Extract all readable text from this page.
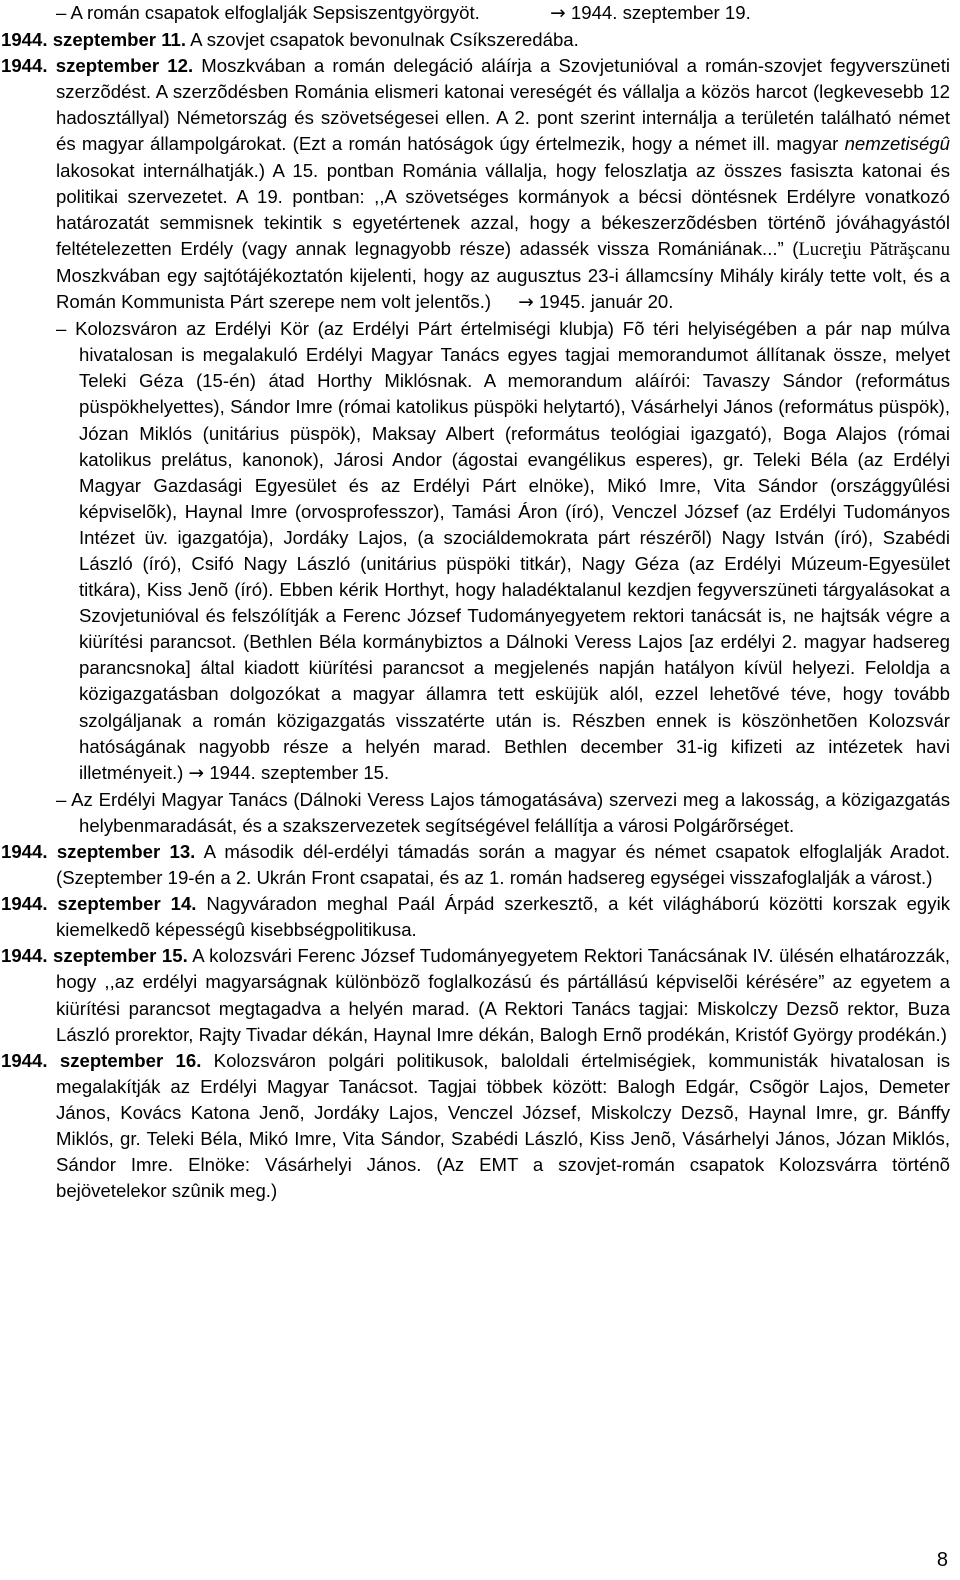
– A román csapatok elfoglalják Sepsiszentgyörgyöt.	→ 1944. szeptember 19.

1944. szeptember 11. A szovjet csapatok bevonulnak Csíkszeredába.

1944. szeptember 12. Moszkvában a román delegáció aláírja a Szovjetunióval a román-szovjet fegyverszüneti szerzõdést. A szerzõdésben Románia elismeri katonai vereségét és vállalja a közös harcot (legkevesebb 12 hadosztállyal) Németország és szövetségesei ellen. A 2. pont szerint internálja a területén található német és magyar állampolgárokat. (Ezt a román hatóságok úgy értelmezik, hogy a német ill. magyar nemzetiségû lakosokat internálhatják.) A 15. pontban Románia vállalja, hogy feloszlatja az összes fasiszta katonai és politikai szervezetet. A 19. pontban: ,,A szövetséges kormányok a bécsi döntésnek Erdélyre vonatkozó határozatát semmisnek tekintik s egyetértenek azzal, hogy a békeszerzõdésben történõ jóváhagyástól feltételezetten Erdély (vagy annak legnagyobb része) adassék vissza Romániának...” (Lucreţiu Pătrăşcanu Moszkvában egy sajtótájékoztatón kijelenti, hogy az augusztus 23-i államcsíny Mihály király tette volt, és a Román Kommunista Párt szerepe nem volt jelentõs.) → 1945. január 20.

– Kolozsváron az Erdélyi Kör (az Erdélyi Párt értelmiségi klubja) Fõ téri helyiségében a pár nap múlva hivatalosan is megalakuló Erdélyi Magyar Tanács egyes tagjai memorandumot állítanak össze, melyet Teleki Géza (15-én) átad Horthy Miklósnak. A memorandum aláírói: Tavaszy Sándor (református püspökhelyettes), Sándor Imre (római katolikus püspöki helytartó), Vásárhelyi János (református püspök), Józan Miklós (unitárius püspök), Maksay Albert (református teológiai igazgató), Boga Alajos (római katolikus prelátus, kanonok), Járosi Andor (ágostai evangélikus esperes), gr. Teleki Béla (az Erdélyi Magyar Gazdasági Egyesület és az Erdélyi Párt elnöke), Mikó Imre, Vita Sándor (országgyûlési képviselõk), Haynal Imre (orvosprofesszor), Tamási Áron (író), Venczel József (az Erdélyi Tudományos Intézet üv. igazgatója), Jordáky Lajos, (a szociáldemokrata párt részérõl) Nagy István (író), Szabédi László (író), Csifó Nagy László (unitárius püspöki titkár), Nagy Géza (az Erdélyi Múzeum-Egyesület titkára), Kiss Jenõ (író). Ebben kérik Horthyt, hogy haladéktalanul kezdjen fegyverszüneti tárgyalásokat a Szovjetunióval és felszólítják a Ferenc József Tudományegyetem rektori tanácsát is, ne hajtsák végre a kiürítési parancsot. (Bethlen Béla kormánybiztos a Dálnoki Veress Lajos [az erdélyi 2. magyar hadsereg parancsnoka] által kiadott kiürítési parancsot a megjelenés napján hatályon kívül helyezi. Feloldja a közigazgatásban dolgozókat a magyar államra tett esküjük alól, ezzel lehetõvé téve, hogy tovább szolgáljanak a román közigazgatás visszatérte után is. Részben ennek is köszönhetõen Kolozsvár hatóságának nagyobb része a helyén marad. Bethlen december 31-ig kifizeti az intézetek havi illetményeit.) → 1944. szeptember 15.

– Az Erdélyi Magyar Tanács (Dálnoki Veress Lajos támogatásáva) szervezi meg a lakosság, a közigazgatás helybenmaradását, és a szakszervezetek segítségével felállítja a városi Polgárõrséget.

1944. szeptember 13. A második dél-erdélyi támadás során a magyar és német csapatok elfoglalják Aradot. (Szeptember 19-én a 2. Ukrán Front csapatai, és az 1. román hadsereg egységei visszafoglalják a várost.)

1944. szeptember 14. Nagyváradon meghal Paál Árpád szerkesztõ, a két világháború közötti korszak egyik kiemelkedõ képességû kisebbségpolitikusa.

1944. szeptember 15. A kolozsvári Ferenc József Tudományegyetem Rektori Tanácsának IV. ülésén elhatározzák, hogy ,,az erdélyi magyarságnak különbözõ foglalkozású és pártállású képviselõi kérésére” az egyetem a kiürítési parancsot megtagadva a helyén marad. (A Rektori Tanács tagjai: Miskolczy Dezsõ rektor, Buza László prorektor, Rajty Tivadar dékán, Haynal Imre dékán, Balogh Ernõ prodékán, Kristóf György prodékán.)

1944. szeptember 16. Kolozsváron polgári politikusok, baloldali értelmiségiek, kommunisták hivatalosan is megalakítják az Erdélyi Magyar Tanácsot. Tagjai többek között: Balogh Edgár, Csõgör Lajos, Demeter János, Kovács Katona Jenõ, Jordáky Lajos, Venczel József, Miskolczy Dezsõ, Haynal Imre, gr. Bánffy Miklós, gr. Teleki Béla, Mikó Imre, Vita Sándor, Szabédi László, Kiss Jenõ, Vásárhelyi János, Józan Miklós, Sándor Imre. Elnöke: Vásárhelyi János. (Az EMT a szovjet-román csapatok Kolozsvárra történõ bejövetelekor szûnik meg.)

8
